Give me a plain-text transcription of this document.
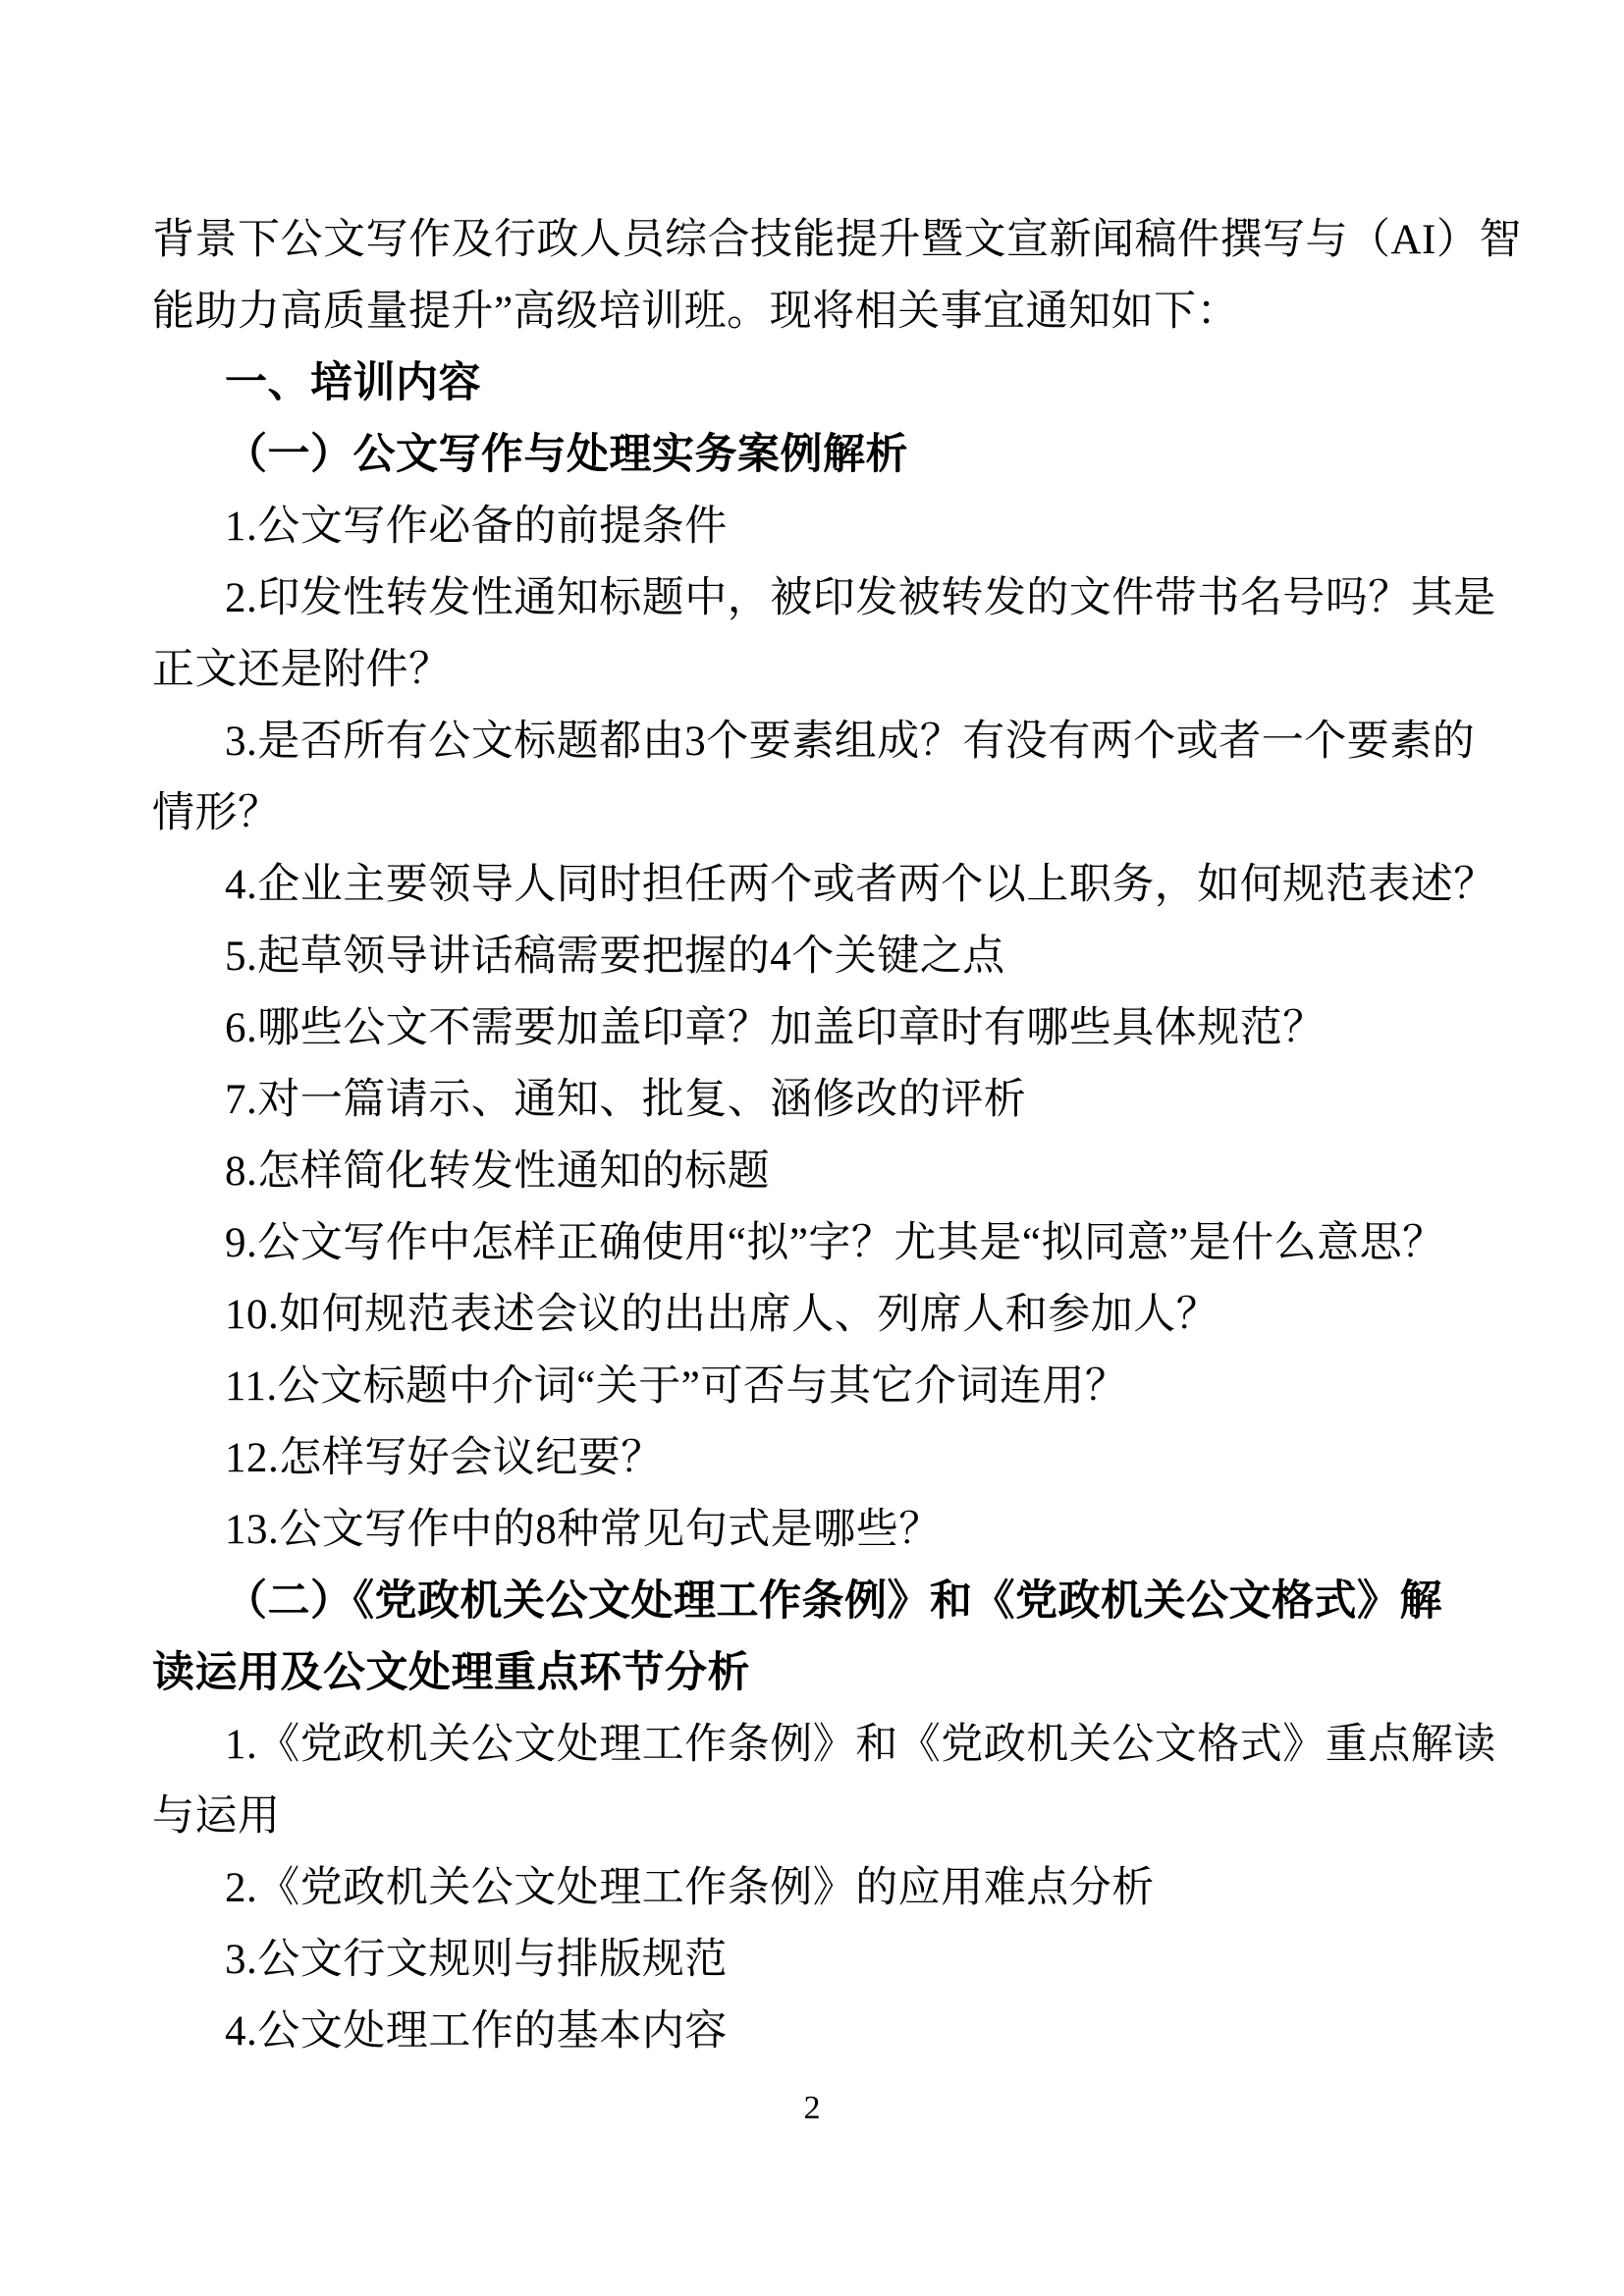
背景下公文写作及行政人员综合技能提升暨文宣新闻稿件撰写与（AI）智
能助力高质量提升”高级培训班。现将相关事宜通知如下：
一、培训内容
（一）公文写作与处理实务案例解析
1.公文写作必备的前提条件
2.印发性转发性通知标题中，被印发被转发的文件带书名号吗？其是
正文还是附件？
3.是否所有公文标题都由3个要素组成？有没有两个或者一个要素的
情形？
4.企业主要领导人同时担任两个或者两个以上职务，如何规范表述？
5.起草领导讲话稿需要把握的4个关键之点
6.哪些公文不需要加盖印章？加盖印章时有哪些具体规范？
7.对一篇请示、通知、批复、涵修改的评析
8.怎样简化转发性通知的标题
9.公文写作中怎样正确使用“拟”字？尤其是“拟同意”是什么意思？
10.如何规范表述会议的出出席人、列席人和参加人？
11.公文标题中介词“关于”可否与其它介词连用？
12.怎样写好会议纪要？
13.公文写作中的8种常见句式是哪些？
（二）《党政机关公文处理工作条例》和《党政机关公文格式》解
读运用及公文处理重点环节分析
1.《党政机关公文处理工作条例》和《党政机关公文格式》重点解读
与运用
2.《党政机关公文处理工作条例》的应用难点分析
3.公文行文规则与排版规范
4.公文处理工作的基本内容
2
